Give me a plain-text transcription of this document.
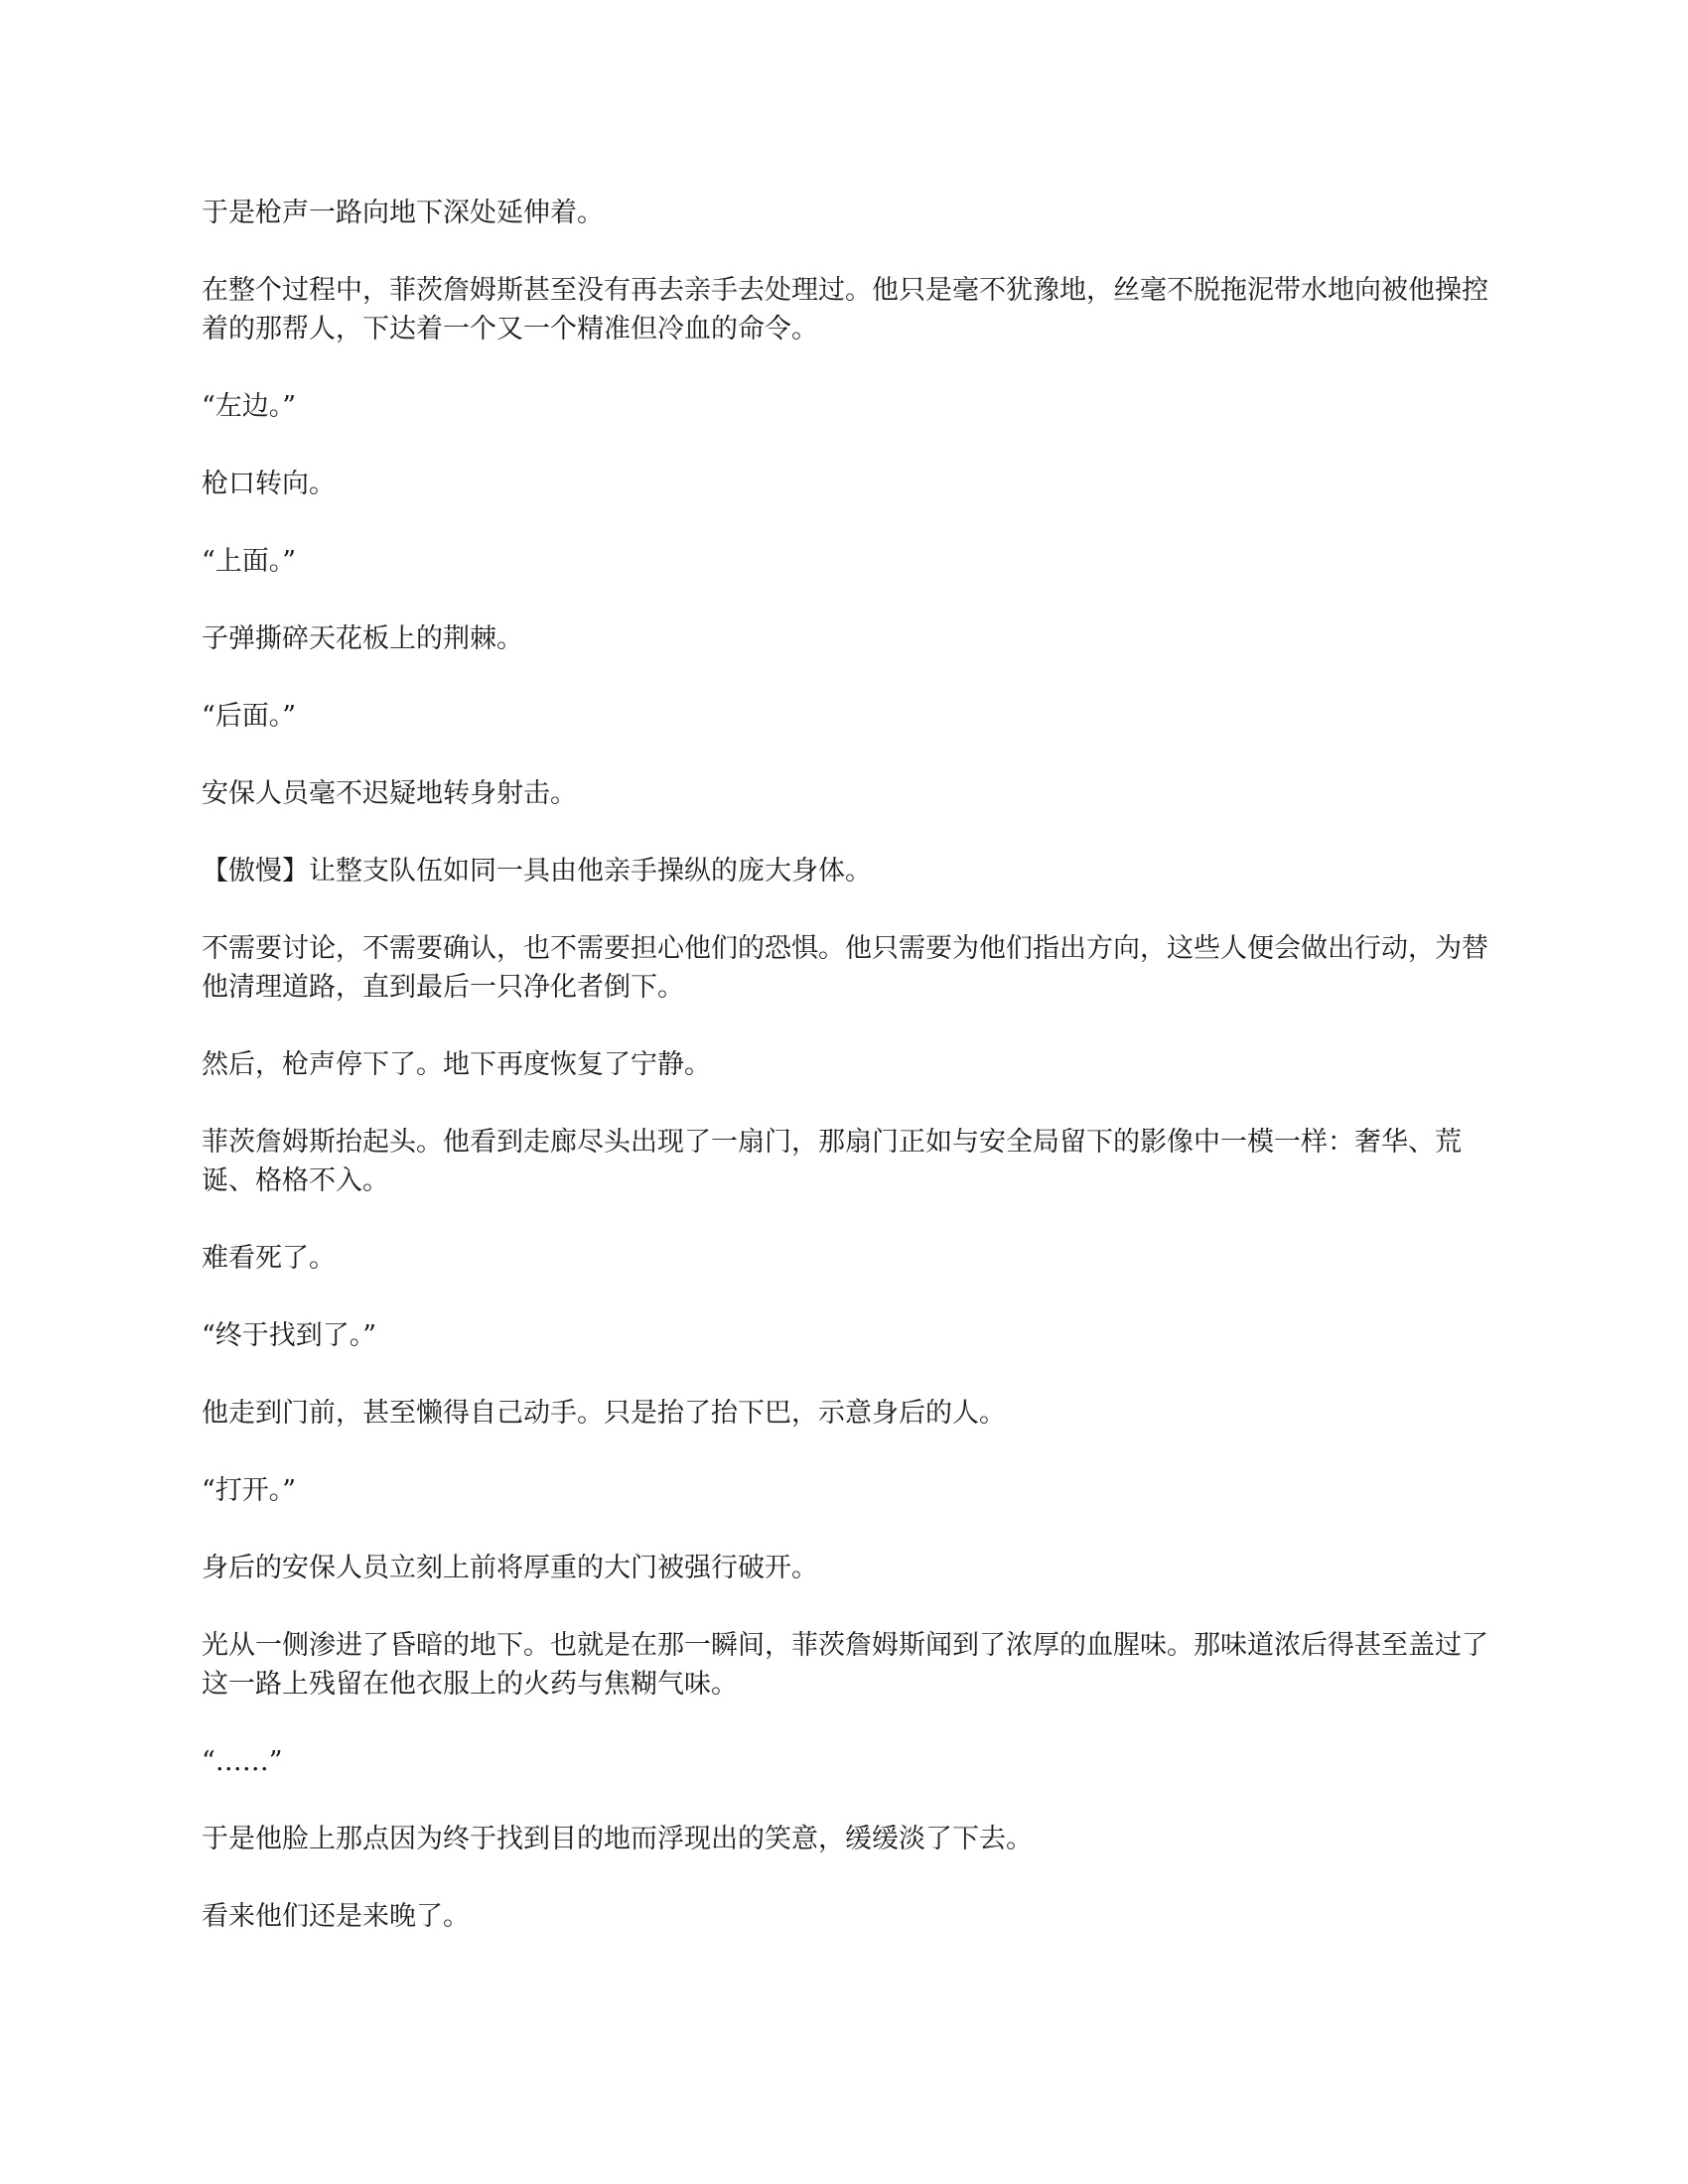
于是枪声一路向地下深处延伸着。

在整个过程中，菲茨詹姆斯甚至没有再去亲手去处理过。他只是毫不犹豫地，丝毫不脱拖泥带水地向被他操控着的那帮人，下达着一个又一个精准但冷血的命令。

“左边。”

枪口转向。

“上面。”

子弹撕碎天花板上的荆棘。

“后面。”

安保人员毫不迟疑地转身射击。

【傲慢】让整支队伍如同一具由他亲手操纵的庞大身体。

不需要讨论，不需要确认，也不需要担心他们的恐惧。他只需要为他们指出方向，这些人便会做出行动，为替他清理道路，直到最后一只净化者倒下。

然后，枪声停下了。地下再度恢复了宁静。

菲茨詹姆斯抬起头。他看到走廊尽头出现了一扇门，那扇门正如与安全局留下的影像中一模一样：奢华、荒诞、格格不入。

难看死了。

“终于找到了。”

他走到门前，甚至懒得自己动手。只是抬了抬下巴，示意身后的人。

“打开。”

身后的安保人员立刻上前将厚重的大门被强行破开。

光从一侧渗进了昏暗的地下。也就是在那一瞬间，菲茨詹姆斯闻到了浓厚的血腥味。那味道浓后得甚至盖过了这一路上残留在他衣服上的火药与焦糊气味。

“……”

于是他脸上那点因为终于找到目的地而浮现出的笑意，缓缓淡了下去。

看来他们还是来晚了。
